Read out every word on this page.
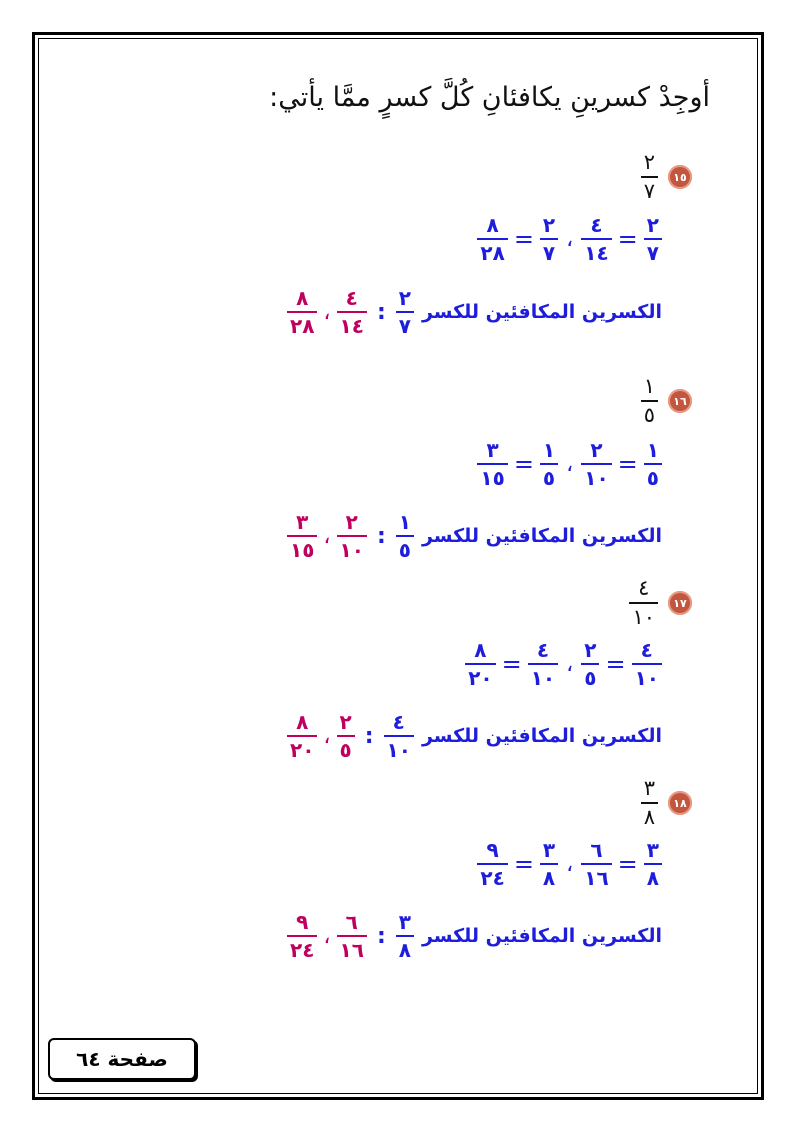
أوجِدْ كسرينِ يكافئانِ كُلَّ كسرٍ ممَّا يأتي:
١٥
$\frac{٢}{٧}$
$\frac{٢}{٧}$
=
$\frac{٤}{١٤}$
،
$\frac{٢}{٧}$
=
$\frac{٨}{٢٨}$
الكسرين المكافئين للكسر
$\frac{٢}{٧}$
:
$\frac{٤}{١٤}$
،
$\frac{٨}{٢٨}$
١٦
$\frac{١}{٥}$
$\frac{١}{٥}$
=
$\frac{٢}{١٠}$
،
$\frac{١}{٥}$
=
$\frac{٣}{١٥}$
الكسرين المكافئين للكسر
$\frac{١}{٥}$
:
$\frac{٢}{١٠}$
،
$\frac{٣}{١٥}$
١٧
$\frac{٤}{١٠}$
$\frac{٤}{١٠}$
=
$\frac{٢}{٥}$
،
$\frac{٤}{١٠}$
=
$\frac{٨}{٢٠}$
الكسرين المكافئين للكسر
$\frac{٤}{١٠}$
:
$\frac{٢}{٥}$
،
$\frac{٨}{٢٠}$
١٨
$\frac{٣}{٨}$
$\frac{٣}{٨}$
=
$\frac{٦}{١٦}$
،
$\frac{٣}{٨}$
=
$\frac{٩}{٢٤}$
الكسرين المكافئين للكسر
$\frac{٣}{٨}$
:
$\frac{٦}{١٦}$
،
$\frac{٩}{٢٤}$
صفحة ٦٤
